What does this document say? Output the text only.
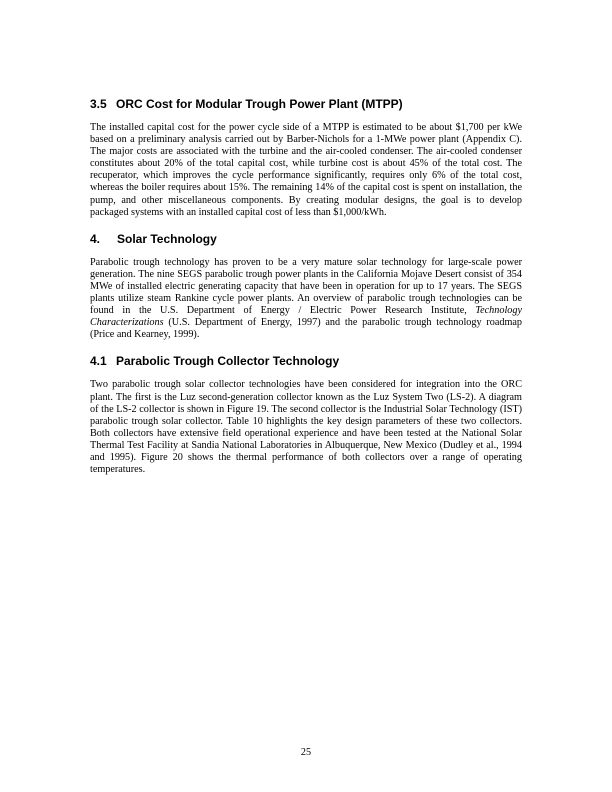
3.5 ORC Cost for Modular Trough Power Plant (MTPP)

The installed capital cost for the power cycle side of a MTPP is estimated to be about $1,700 per kWe based on a preliminary analysis carried out by Barber-Nichols for a 1-MWe power plant (Appendix C). The major costs are associated with the turbine and the air-cooled condenser. The air-cooled condenser constitutes about 20% of the total capital cost, while turbine cost is about 45% of the total cost. The recuperator, which improves the cycle performance significantly, requires only 6% of the total cost, whereas the boiler requires about 15%. The remaining 14% of the capital cost is spent on installation, the pump, and other miscellaneous components. By creating modular designs, the goal is to develop packaged systems with an installed capital cost of less than $1,000/kWh.

4.	Solar Technology

Parabolic trough technology has proven to be a very mature solar technology for large-scale power generation. The nine SEGS parabolic trough power plants in the California Mojave Desert consist of 354 MWe of installed electric generating capacity that have been in operation for up to 17 years. The SEGS plants utilize steam Rankine cycle power plants. An overview of parabolic trough technologies can be found in the U.S. Department of Energy / Electric Power Research Institute, Technology Characterizations (U.S. Department of Energy, 1997) and the parabolic trough technology roadmap (Price and Kearney, 1999).

4.1 Parabolic Trough Collector Technology

Two parabolic trough solar collector technologies have been considered for integration into the ORC plant. The first is the Luz second-generation collector known as the Luz System Two (LS-2). A diagram of the LS-2 collector is shown in Figure 19. The second collector is the Industrial Solar Technology (IST) parabolic trough solar collector. Table 10 highlights the key design parameters of these two collectors. Both collectors have extensive field operational experience and have been tested at the National Solar Thermal Test Facility at Sandia National Laboratories in Albuquerque, New Mexico (Dudley et al., 1994 and 1995). Figure 20 shows the thermal performance of both collectors over a range of operating temperatures.

25
